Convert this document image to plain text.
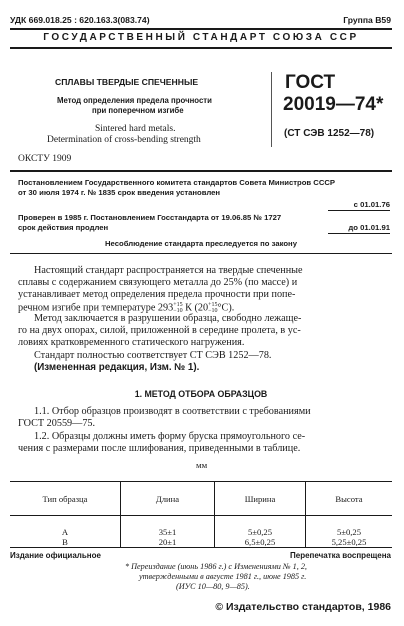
УДК 669.018.25 : 620.163.3(083.74)	Группа В59
ГОСУДАРСТВЕННЫЙ СТАНДАРТ СОЮЗА ССР
СПЛАВЫ ТВЕРДЫЕ СПЕЧЕННЫЕ
Метод определения предела прочности
при поперечном изгибе
Sintered hard metals.
Determination of cross-bending strength
ГОСТ
20019—74*
(СТ СЭВ 1252—78)
ОКСТУ 1909
Постановлением Государственного комитета стандартов Совета Министров СССР
от 30 июля 1974 г. № 1835 срок введения установлен
с 01.01.76
Проверен в 1985 г. Постановлением Госстандарта от 19.06.85 № 1727
срок действия продлен	до 01.01.91
Несоблюдение стандарта преследуется по закону
Настоящий стандарт распространяется на твердые спеченные
сплавы с содержанием связующего металла до 25% (по массе) и
устанавливает метод определения предела прочности при попе-
речном изгибе при температуре 293+15
−10 К (20+15
−10°С).
Метод заключается в разрушении образца, свободно лежаще-
го на двух опорах, силой, приложенной в середине пролета, в ус-
ловиях кратковременного статического нагружения.
Стандарт полностью соответствует СТ СЭВ 1252—78.
(Измененная редакция, Изм. № 1).
1. МЕТОД ОТБОРА ОБРАЗЦОВ
1.1. Отбор образцов производят в соответствии с требованиями
ГОСТ 20559—75.
1.2. Образцы должны иметь форму бруска прямоугольного се-
чения с размерами после шлифования, приведенными в таблице.
мм
Тип образца	Длина	Ширина	Высота

А	35±1	5±0,25	5±0,25
В	20±1	6,5±0,25	5,25±0,25
Издание официальное	Перепечатка воспрещена
* Переиздание (июнь 1986 г.) с Изменениями № 1, 2,
утвержденными в августе 1981 г., июне 1985 г.
(ИУС 10—80, 9—85).
© Издательство стандартов, 1986
